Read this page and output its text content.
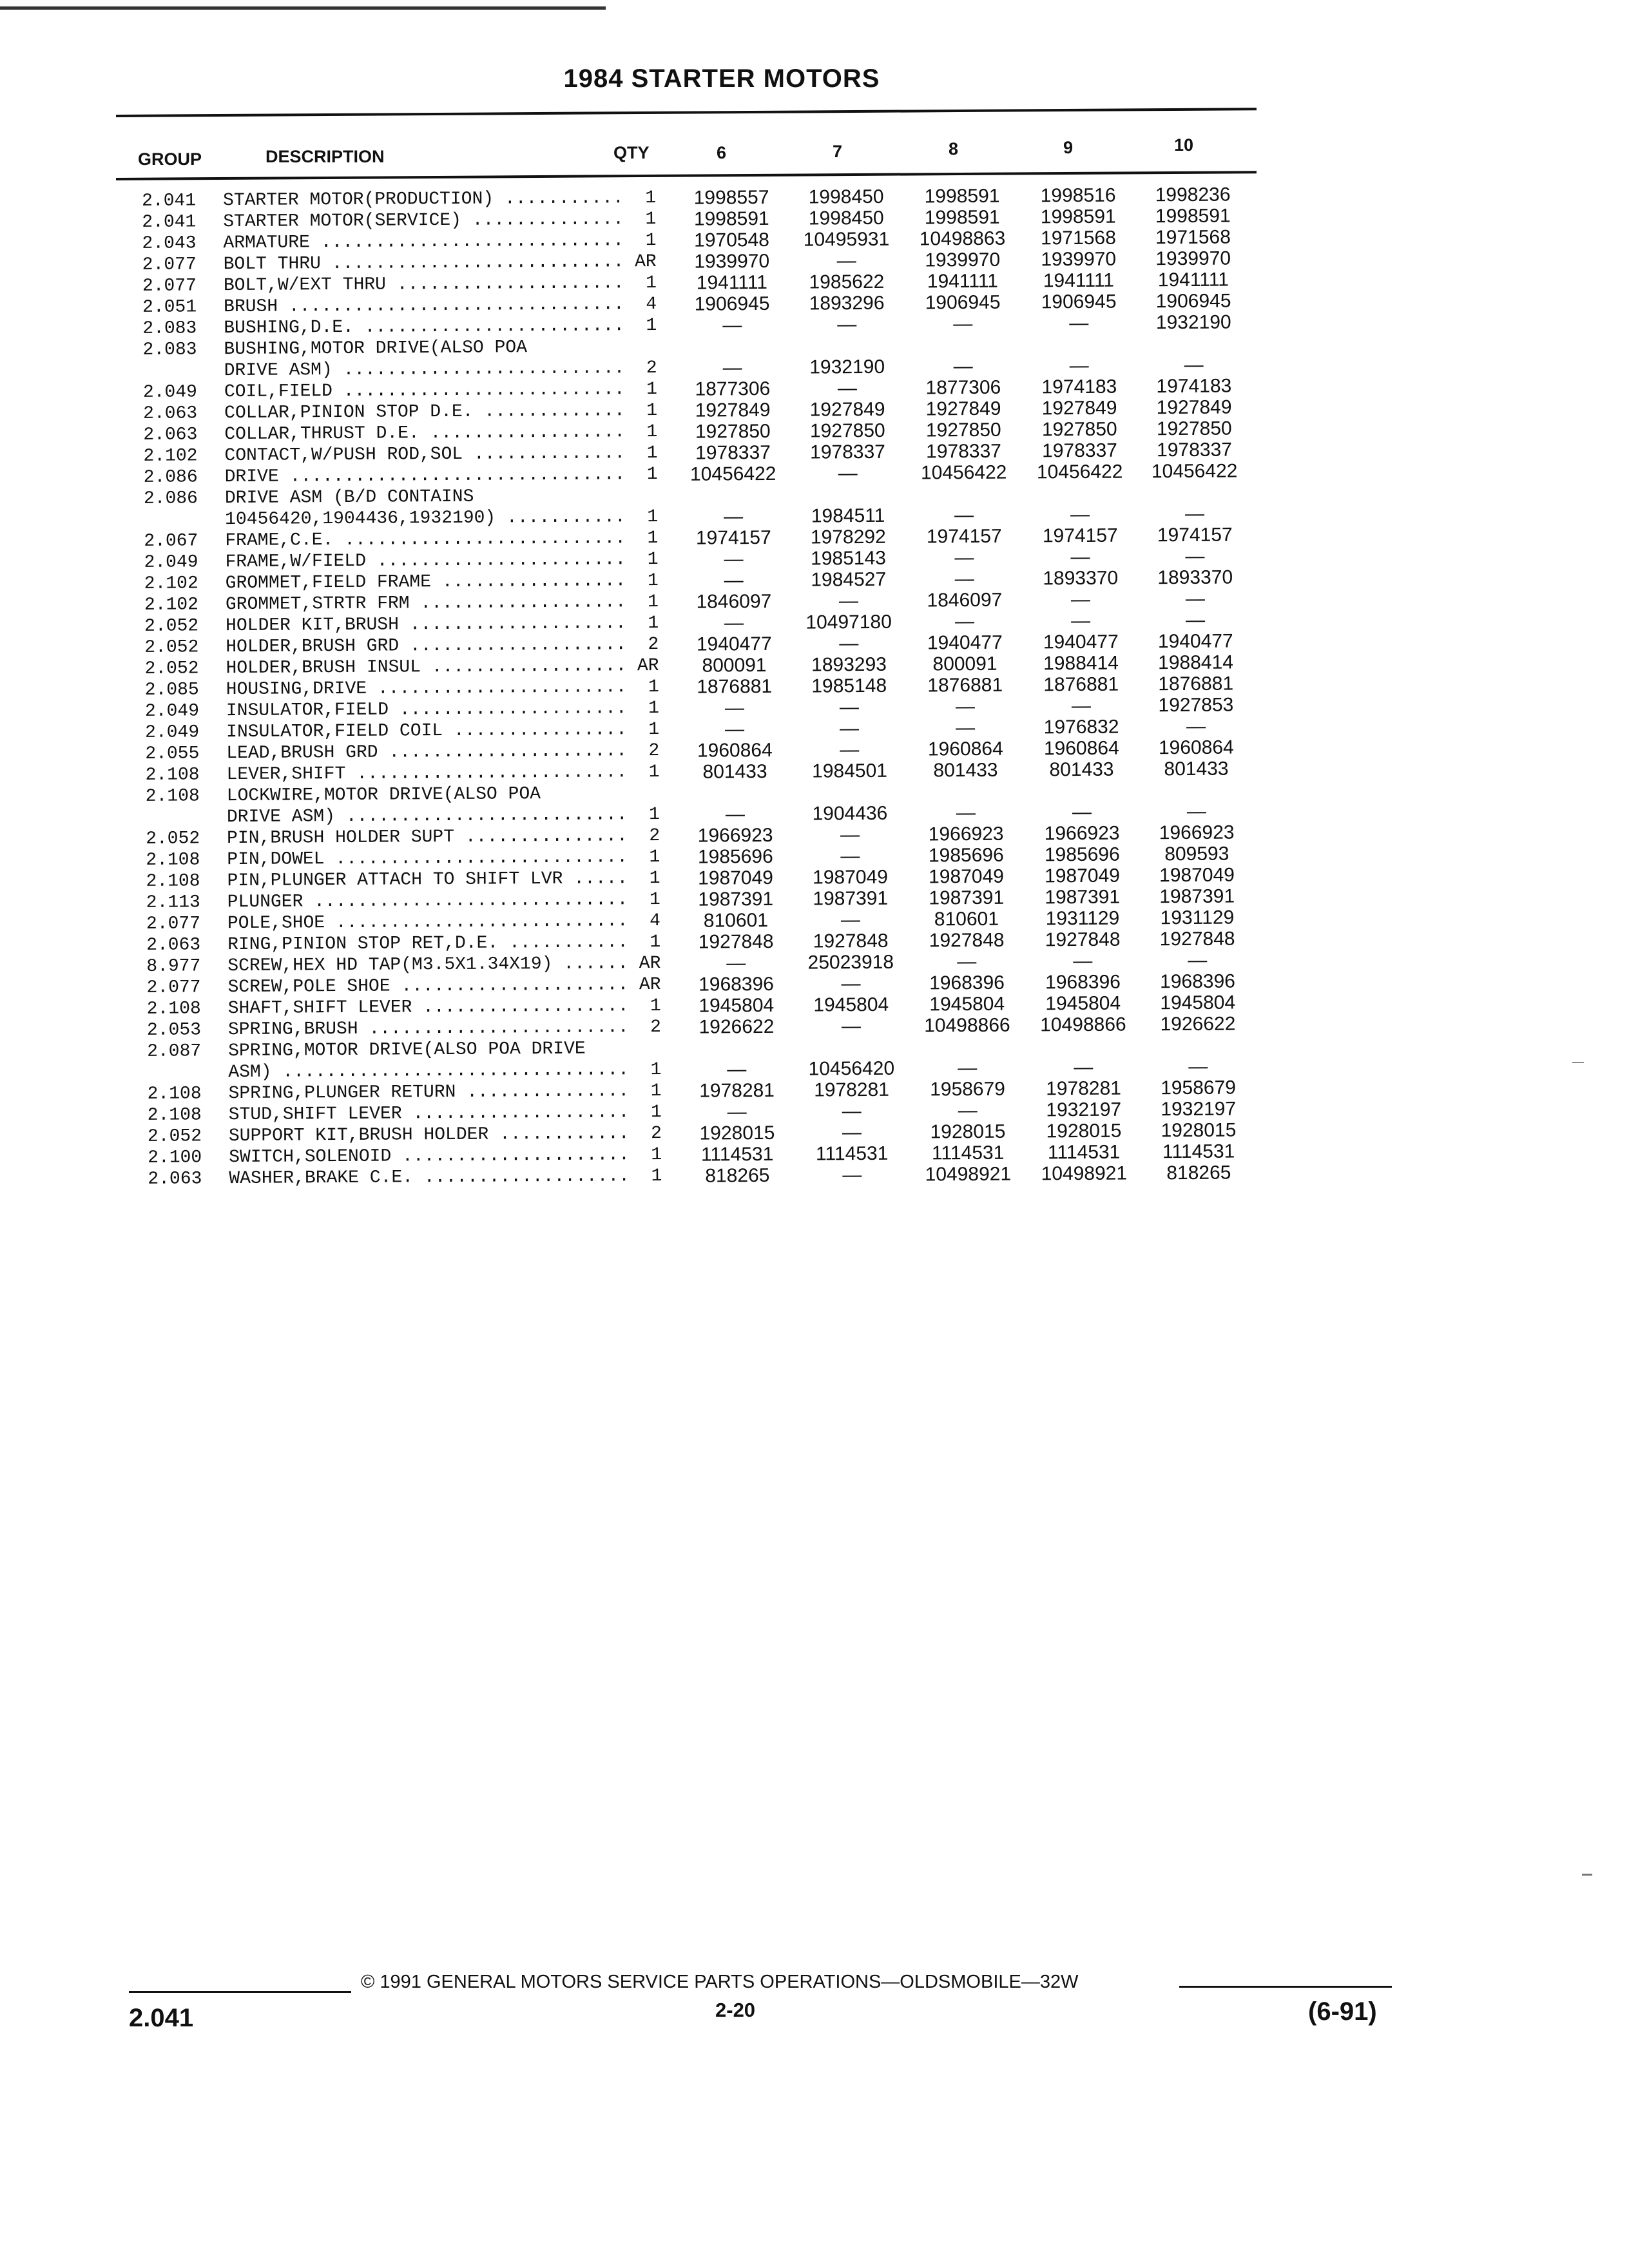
1984 STARTER MOTORS
GROUP	DESCRIPTION	QTY	6	7	8	9	10
2.041	STARTER MOTOR(PRODUCTION) .....	1	1998557	1998450	1998591	1998516	1998236
2.041	STARTER MOTOR(SERVICE) .....	1	1998591	1998450	1998591	1998591	1998591
2.043	ARMATURE .....	1	1970548	10495931	10498863	1971568	1971568
2.077	BOLT THRU .....	AR	1939970	—	1939970	1939970	1939970
2.077	BOLT,W/EXT THRU .....	1	1941111	1985622	1941111	1941111	1941111
2.051	BRUSH .....	4	1906945	1893296	1906945	1906945	1906945
2.083	BUSHING,D.E. .....	1	—	—	—	—	1932190
2.083	BUSHING,MOTOR DRIVE(ALSO POA
DRIVE ASM) .....	2	—	1932190	—	—	—
2.049	COIL,FIELD .....	1	1877306	—	1877306	1974183	1974183
2.063	COLLAR,PINION STOP D.E. .....	1	1927849	1927849	1927849	1927849	1927849
2.063	COLLAR,THRUST D.E. .....	1	1927850	1927850	1927850	1927850	1927850
2.102	CONTACT,W/PUSH ROD,SOL .....	1	1978337	1978337	1978337	1978337	1978337
2.086	DRIVE .....	1	10456422	—	10456422	10456422	10456422
2.086	DRIVE ASM (B/D CONTAINS
10456420,1904436,1932190) .....	1	—	1984511	—	—	—
2.067	FRAME,C.E. .....	1	1974157	1978292	1974157	1974157	1974157
2.049	FRAME,W/FIELD .....	1	—	1985143	—	—	—
2.102	GROMMET,FIELD FRAME .....	1	—	1984527	—	1893370	1893370
2.102	GROMMET,STRTR FRM .....	1	1846097	—	1846097	—	—
2.052	HOLDER KIT,BRUSH .....	1	—	10497180	—	—	—
2.052	HOLDER,BRUSH GRD .....	2	1940477	—	1940477	1940477	1940477
2.052	HOLDER,BRUSH INSUL .....	AR	800091	1893293	800091	1988414	1988414
2.085	HOUSING,DRIVE .....	1	1876881	1985148	1876881	1876881	1876881
2.049	INSULATOR,FIELD .....	1	—	—	—	—	1927853
2.049	INSULATOR,FIELD COIL .....	1	—	—	—	1976832	—
2.055	LEAD,BRUSH GRD .....	2	1960864	—	1960864	1960864	1960864
2.108	LEVER,SHIFT .....	1	801433	1984501	801433	801433	801433
2.108	LOCKWIRE,MOTOR DRIVE(ALSO POA
DRIVE ASM) .....	1	—	1904436	—	—	—
2.052	PIN,BRUSH HOLDER SUPT .....	2	1966923	—	1966923	1966923	1966923
2.108	PIN,DOWEL .....	1	1985696	—	1985696	1985696	809593
2.108	PIN,PLUNGER ATTACH TO SHIFT LVR .....	1	1987049	1987049	1987049	1987049	1987049
2.113	PLUNGER .....	1	1987391	1987391	1987391	1987391	1987391
2.077	POLE,SHOE .....	4	810601	—	810601	1931129	1931129
2.063	RING,PINION STOP RET,D.E. .....	1	1927848	1927848	1927848	1927848	1927848
8.977	SCREW,HEX HD TAP(M3.5X1.34X19) .....	AR	—	25023918	—	—	—
2.077	SCREW,POLE SHOE .....	AR	1968396	—	1968396	1968396	1968396
2.108	SHAFT,SHIFT LEVER .....	1	1945804	1945804	1945804	1945804	1945804
2.053	SPRING,BRUSH .....	2	1926622	—	10498866	10498866	1926622
2.087	SPRING,MOTOR DRIVE(ALSO POA DRIVE
ASM) .....	1	—	10456420	—	—	—
2.108	SPRING,PLUNGER RETURN .....	1	1978281	1978281	1958679	1978281	1958679
2.108	STUD,SHIFT LEVER .....	1	—	—	—	1932197	1932197
2.052	SUPPORT KIT,BRUSH HOLDER .....	2	1928015	—	1928015	1928015	1928015
2.100	SWITCH,SOLENOID .....	1	1114531	1114531	1114531	1114531	1114531
2.063	WASHER,BRAKE C.E. .....	1	818265	—	10498921	10498921	818265
© 1991 GENERAL MOTORS SERVICE PARTS OPERATIONS—OLDSMOBILE—32W
2.041	2-20	(6-91)
